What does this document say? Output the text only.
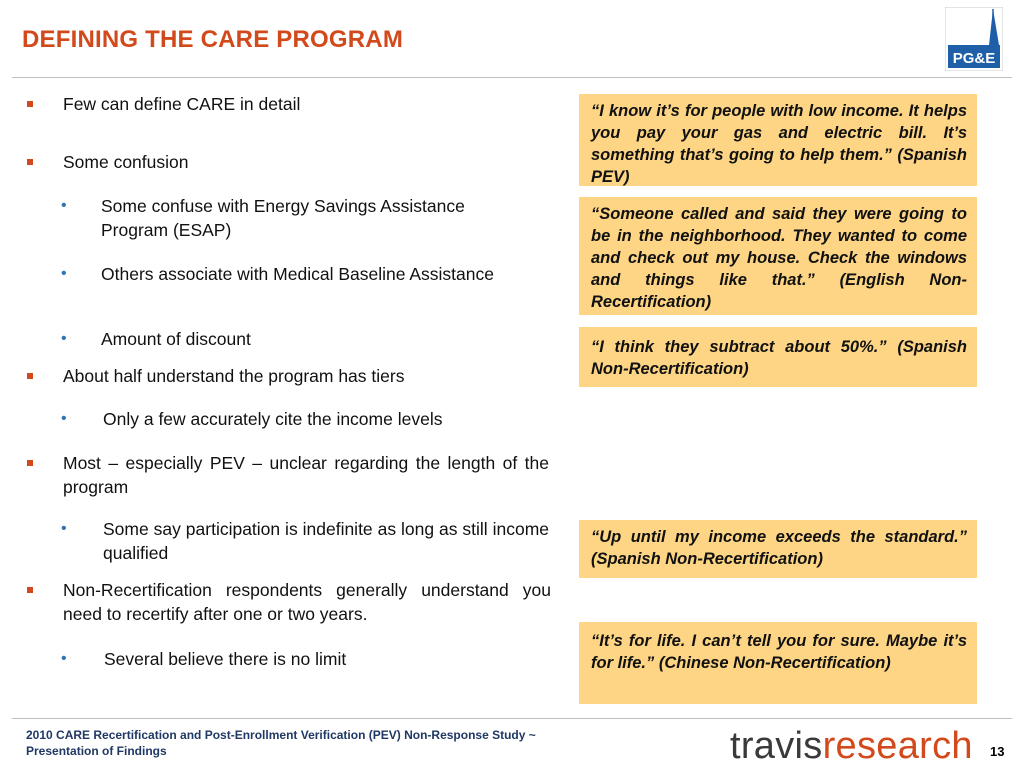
DEFINING THE CARE PROGRAM
PG&E
Few can define CARE in detail
Some confusion
• Some confuse with Energy Savings Assistance Program (ESAP)
• Others associate with Medical Baseline Assistance
• Amount of discount
About half understand the program has tiers
• Only a few accurately cite the income levels
Most – especially PEV – unclear regarding the length of the program
• Some say participation is indefinite as long as still income qualified
Non-Recertification respondents generally understand you need to recertify after one or two years.
• Several believe there is no limit
“I know it’s for people with low income. It helps you pay your gas and electric bill. It’s something that’s going to help them.” (Spanish PEV)
“Someone called and said they were going to be in the neighborhood. They wanted to come and check out my house. Check the windows and things like that.” (English Non-Recertification)
“I think they subtract about 50%.” (Spanish Non-Recertification)
“Up until my income exceeds the standard.” (Spanish Non-Recertification)
“It’s for life. I can’t tell you for sure. Maybe it’s for life.” (Chinese Non-Recertification)
2010 CARE Recertification and Post-Enrollment Verification (PEV) Non-Response Study ~
Presentation of Findings	travisresearch 13
